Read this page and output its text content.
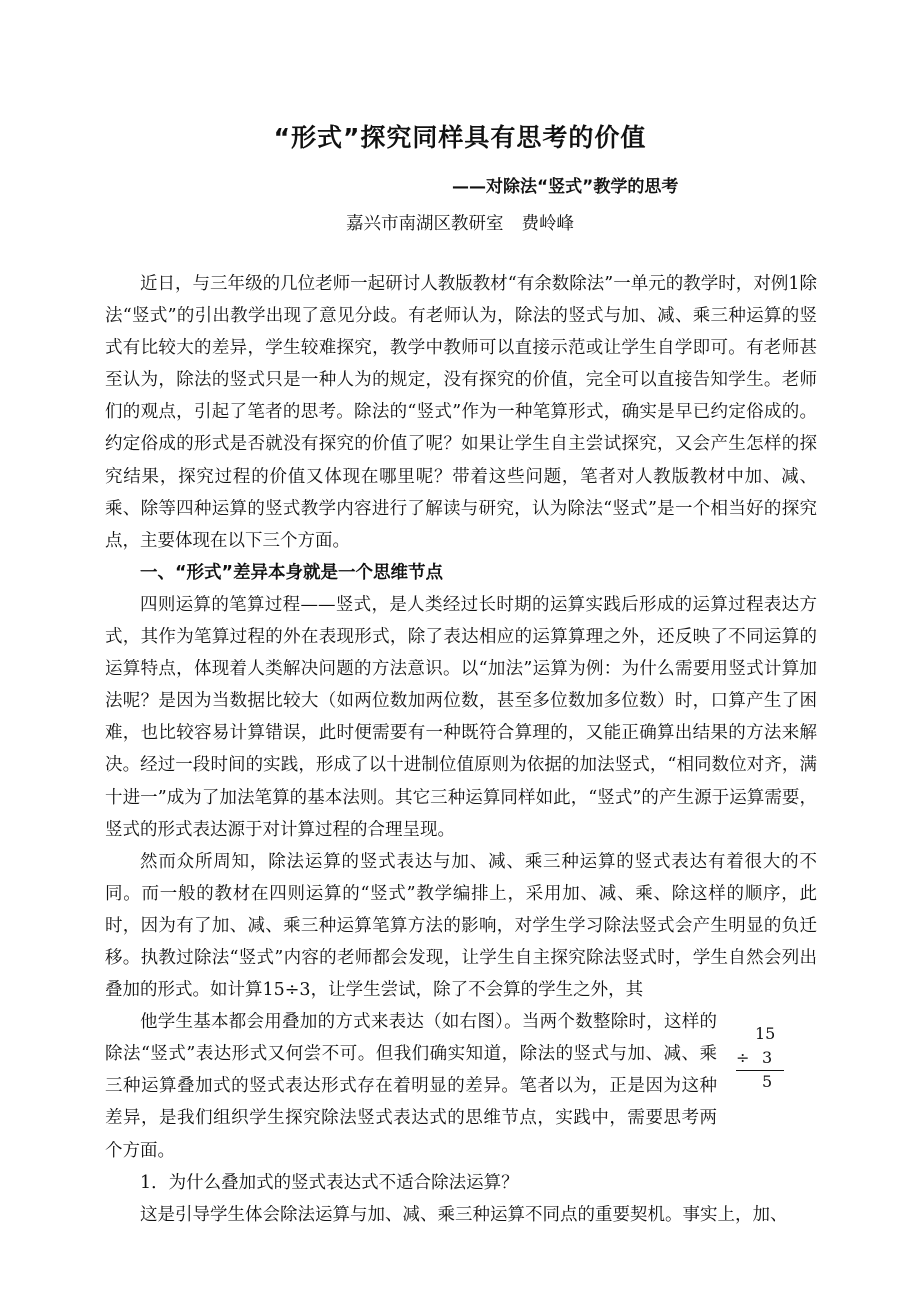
“形式”探究同样具有思考的价值
——对除法“竖式”教学的思考
嘉兴市南湖区教研室 费岭峰

近日，与三年级的几位老师一起研讨人教版教材“有余数除法”一单元的教学时，对例1除法“竖式”的引出教学出现了意见分歧。有老师认为，除法的竖式与加、减、乘三种运算的竖式有比较大的差异，学生较难探究，教学中教师可以直接示范或让学生自学即可。有老师甚至认为，除法的竖式只是一种人为的规定，没有探究的价值，完全可以直接告知学生。老师们的观点，引起了笔者的思考。除法的“竖式”作为一种笔算形式，确实是早已约定俗成的。约定俗成的形式是否就没有探究的价值了呢？如果让学生自主尝试探究，又会产生怎样的探究结果，探究过程的价值又体现在哪里呢？带着这些问题，笔者对人教版教材中加、减、乘、除等四种运算的竖式教学内容进行了解读与研究，认为除法“竖式”是一个相当好的探究点，主要体现在以下三个方面。

一、“形式”差异本身就是一个思维节点

四则运算的笔算过程——竖式，是人类经过长时期的运算实践后形成的运算过程表达方式，其作为笔算过程的外在表现形式，除了表达相应的运算算理之外，还反映了不同运算的运算特点，体现着人类解决问题的方法意识。以“加法”运算为例：为什么需要用竖式计算加法呢？是因为当数据比较大（如两位数加两位数，甚至多位数加多位数）时，口算产生了困难，也比较容易计算错误，此时便需要有一种既符合算理的，又能正确算出结果的方法来解决。经过一段时间的实践，形成了以十进制位值原则为依据的加法竖式，“相同数位对齐，满十进一”成为了加法笔算的基本法则。其它三种运算同样如此，“竖式”的产生源于运算需要，竖式的形式表达源于对计算过程的合理呈现。

然而众所周知，除法运算的竖式表达与加、减、乘三种运算的竖式表达有着很大的不同。而一般的教材在四则运算的“竖式”教学编排上，采用加、减、乘、除这样的顺序，此时，因为有了加、减、乘三种运算笔算方法的影响，对学生学习除法竖式会产生明显的负迁移。执教过除法“竖式”内容的老师都会发现，让学生自主探究除法竖式时，学生自然会列出叠加的形式。如计算15÷3，让学生尝试，除了不会算的学生之外，其

他学生基本都会用叠加的方式来表达（如右图）。当两个数整除时，这样的除法“竖式”表达形式又何尝不可。但我们确实知道，除法的竖式与加、减、乘三种运算叠加式的竖式表达形式存在着明显的差异。笔者以为，正是因为这种差异，是我们组织学生探究除法竖式表达式的思维节点，实践中，需要思考两个方面。

15
÷ 3
5

1．为什么叠加式的竖式表达式不适合除法运算？

这是引导学生体会除法运算与加、减、乘三种运算不同点的重要契机。事实上，加、
